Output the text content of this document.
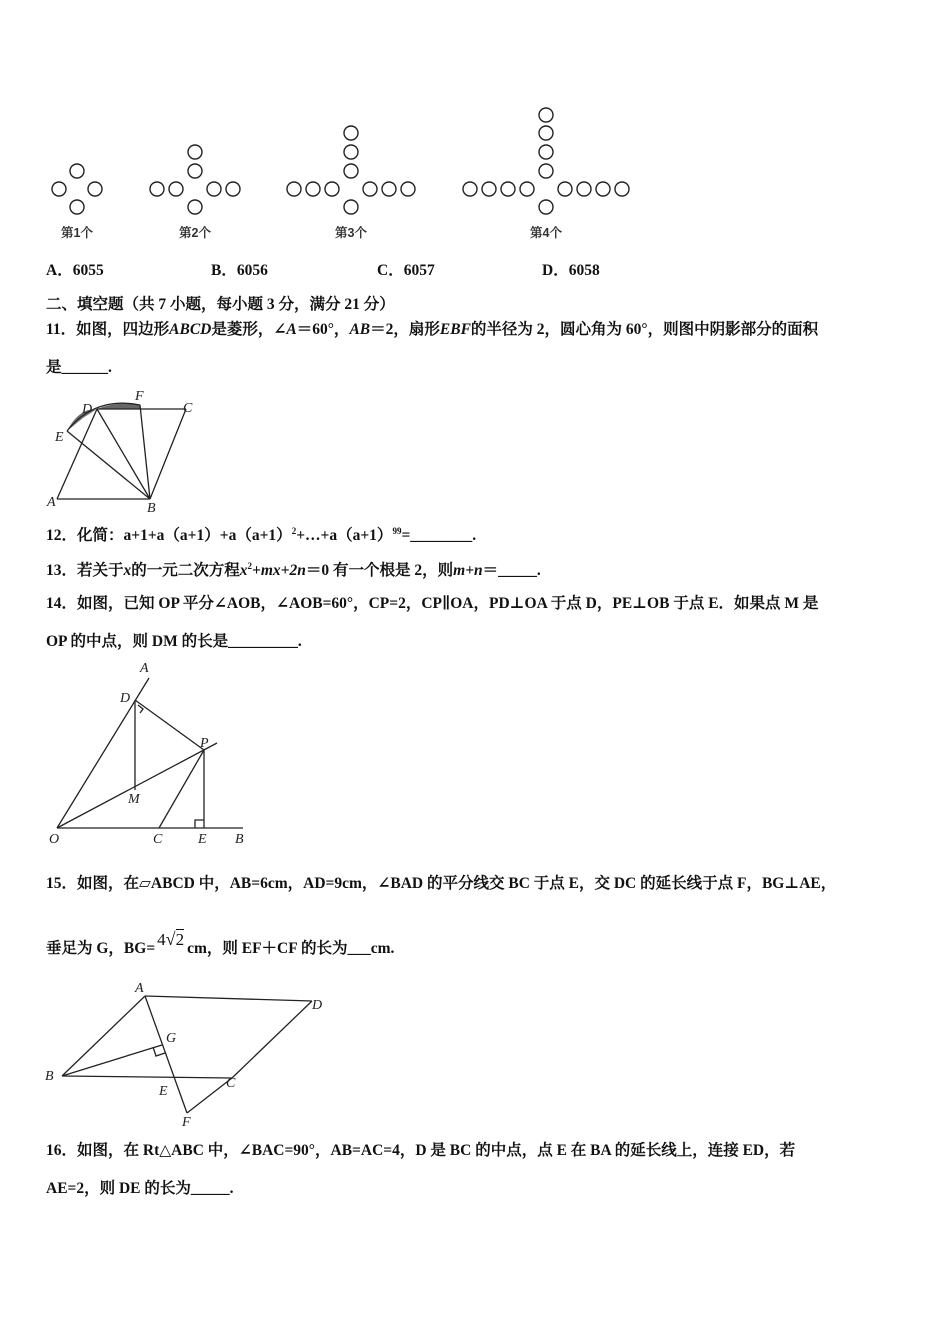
第1个	第2个	第3个	第4个
A．6055	B．6056	C．6057	D．6058
二、填空题（共 7 小题，每小题 3 分，满分 21 分）
11．如图，四边形ABCD是菱形，∠A＝60°，AB＝2，扇形EBF的半径为 2，圆心角为 60°，则图中阴影部分的面积
是______.
A	B
C
D
E
F
12．化简：$a+1+a(a+1)+a(a+1)^2+\dots+a(a+1)^{99}=\_\_\_\_\_\_\_\_$.
13．若关于x的一元二次方程$x^2+mx+2n=0$ 有一个根是 2，则m+n＝_____.
14．如图，已知 OP 平分∠AOB，∠AOB=60°，CP=2，CP∥OA，PD⊥OA 于点 D，PE⊥OB 于点 E．如果点 M 是
OP 的中点，则 DM 的长是_________.
A
D
P
M
O	C	E B
15．如图，在▱ABCD 中，AB=6cm，AD=9cm，∠BAD 的平分线交 BC 于点 E，交 DC 的延长线于点 F，BG⊥AE，
垂足为 G，BG= 4√2 cm，则 EF＋CF 的长为___cm.
A
D
G
B
E
C
F
16．如图，在 Rt△ABC 中，∠BAC=90°，AB=AC=4，D 是 BC 的中点，点 E 在 BA 的延长线上，连接 ED，若
AE=2，则 DE 的长为_____.
